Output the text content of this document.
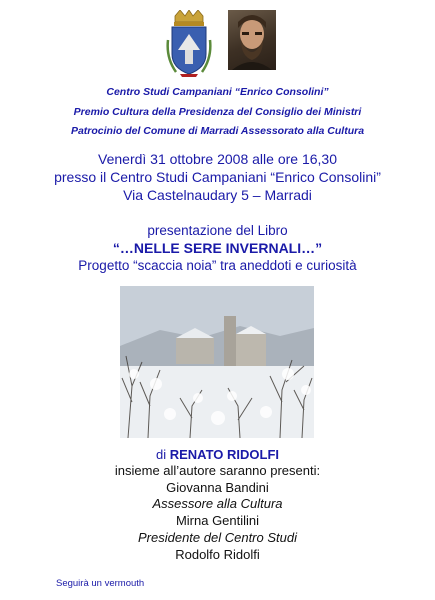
Centro Studi Campaniani “Enrico Consolini”
Premio Cultura della Presidenza del Consiglio dei Ministri
Patrocinio del Comune di Marradi Assessorato alla Cultura
Venerdì 31 ottobre 2008 alle ore 16,30
presso il Centro Studi Campaniani “Enrico Consolini”
Via Castelnaudary 5 – Marradi
presentazione del Libro
“…NELLE SERE INVERNALI…”
Progetto “scaccia noia” tra aneddoti e curiosità
di RENATO RIDOLFI
insieme all’autore saranno presenti:
Giovanna Bandini
Assessore alla Cultura
Mirna Gentilini
Presidente del Centro Studi
Rodolfo Ridolfi
Seguirà un vermouth
